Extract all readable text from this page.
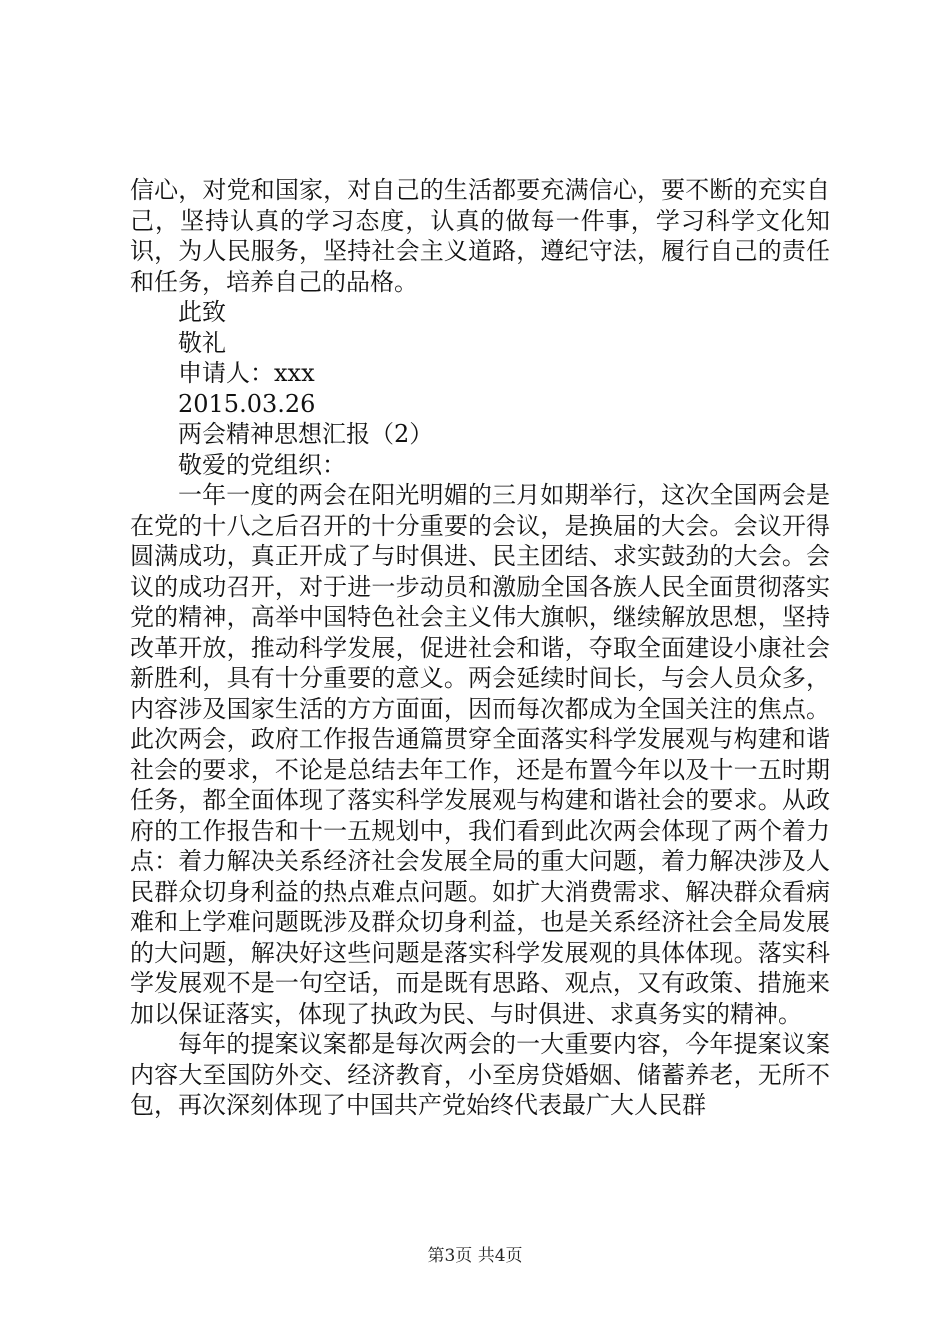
信心，对党和国家，对自己的生活都要充满信心，要不断的充实自己，坚持认真的学习态度，认真的做每一件事，学习科学文化知识，为人民服务，坚持社会主义道路，遵纪守法，履行自己的责任和任务，培养自己的品格。

此致

敬礼

申请人：xxx

2015.03.26

两会精神思想汇报（2）

敬爱的党组织：

一年一度的两会在阳光明媚的三月如期举行，这次全国两会是在党的十八之后召开的十分重要的会议，是换届的大会。会议开得圆满成功，真正开成了与时俱进、民主团结、求实鼓劲的大会。会议的成功召开，对于进一步动员和激励全国各族人民全面贯彻落实党的精神，高举中国特色社会主义伟大旗帜，继续解放思想，坚持改革开放，推动科学发展，促进社会和谐，夺取全面建设小康社会新胜利，具有十分重要的意义。两会延续时间长，与会人员众多，内容涉及国家生活的方方面面，因而每次都成为全国关注的焦点。此次两会，政府工作报告通篇贯穿全面落实科学发展观与构建和谐社会的要求，不论是总结去年工作，还是布置今年以及十一五时期任务，都全面体现了落实科学发展观与构建和谐社会的要求。从政府的工作报告和十一五规划中，我们看到此次两会体现了两个着力点：着力解决关系经济社会发展全局的重大问题，着力解决涉及人民群众切身利益的热点难点问题。如扩大消费需求、解决群众看病难和上学难问题既涉及群众切身利益，也是关系经济社会全局发展的大问题，解决好这些问题是落实科学发展观的具体体现。落实科学发展观不是一句空话，而是既有思路、观点，又有政策、措施来加以保证落实，体现了执政为民、与时俱进、求真务实的精神。

每年的提案议案都是每次两会的一大重要内容，今年提案议案内容大至国防外交、经济教育，小至房贷婚姻、储蓄养老，无所不包，再次深刻体现了中国共产党始终代表最广大人民群

第3页 共4页
